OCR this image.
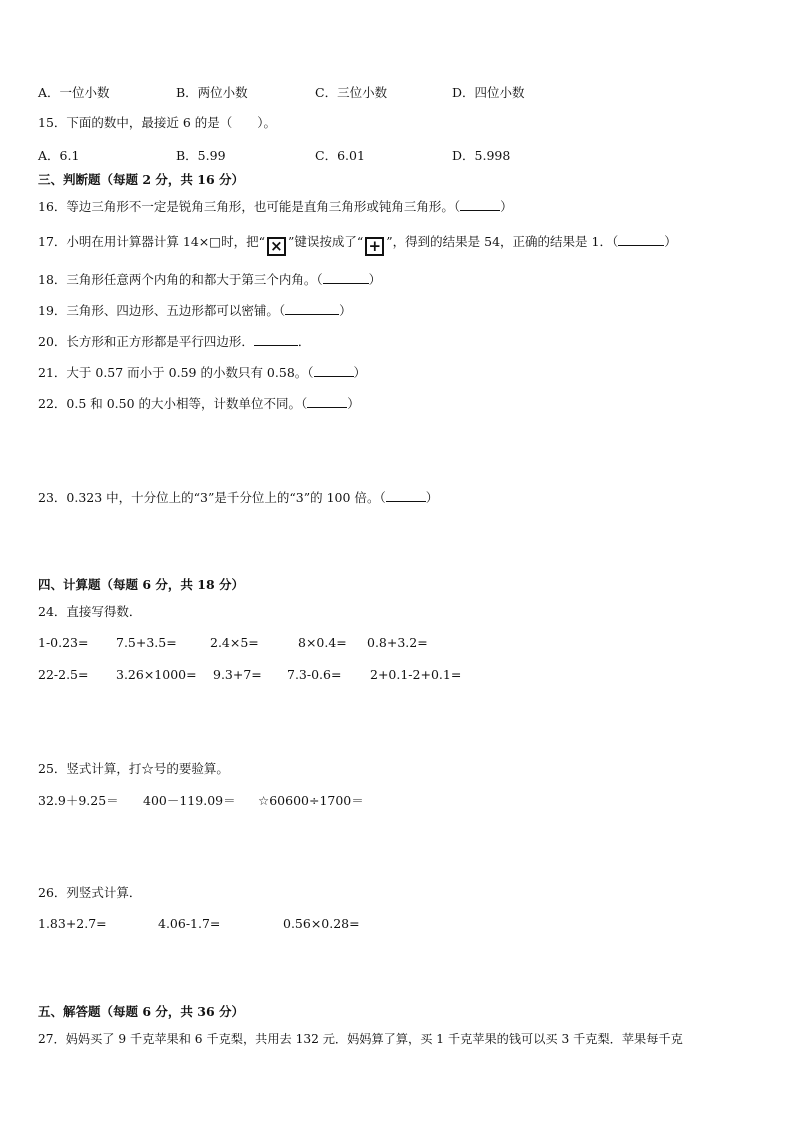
A．一位小数	B．两位小数	C．三位小数	D．四位小数
15．下面的数中，最接近 6 的是（　　）。
A．6.1	B．5.99	C．6.01	D．5.998
三、判断题（每题 2 分，共 16 分）
16．等边三角形不一定是锐角三角形，也可能是直角三角形或钝角三角形。（	）
17．小明在用计算器计算 14×□时，把“ × ”键误按成了“ + ”，得到的结果是 54，正确的结果是 1．（	）
18．三角形任意两个内角的和都大于第三个内角。（	）
19．三角形、四边形、五边形都可以密铺。（	）
20．长方形和正方形都是平行四边形．	．
21．大于 0.57 而小于 0.59 的小数只有 0.58。（	）
22．0.5 和 0.50 的大小相等，计数单位不同。（	）
23．0.323 中，十分位上的“3”是千分位上的“3”的 100 倍。（	）
四、计算题（每题 6 分，共 18 分）
24．直接写得数．
1-0.23= 7.5+3.5=	2.4×5=	8×0.4= 0.8+3.2=
22-2.5= 3.26×1000= 9.3+7= 7.3-0.6= 2+0.1-2+0.1=
25．竖式计算，打☆号的要验算。
32.9＋9.25＝ 400－119.09＝ ☆60600÷1700＝
26．列竖式计算．
1.83+2.7=	4.06-1.7=	0.56×0.28=
五、解答题（每题 6 分，共 36 分）
27．妈妈买了 9 千克苹果和 6 千克梨，共用去 132 元．妈妈算了算，买 1 千克苹果的钱可以买 3 千克梨．苹果每千克
